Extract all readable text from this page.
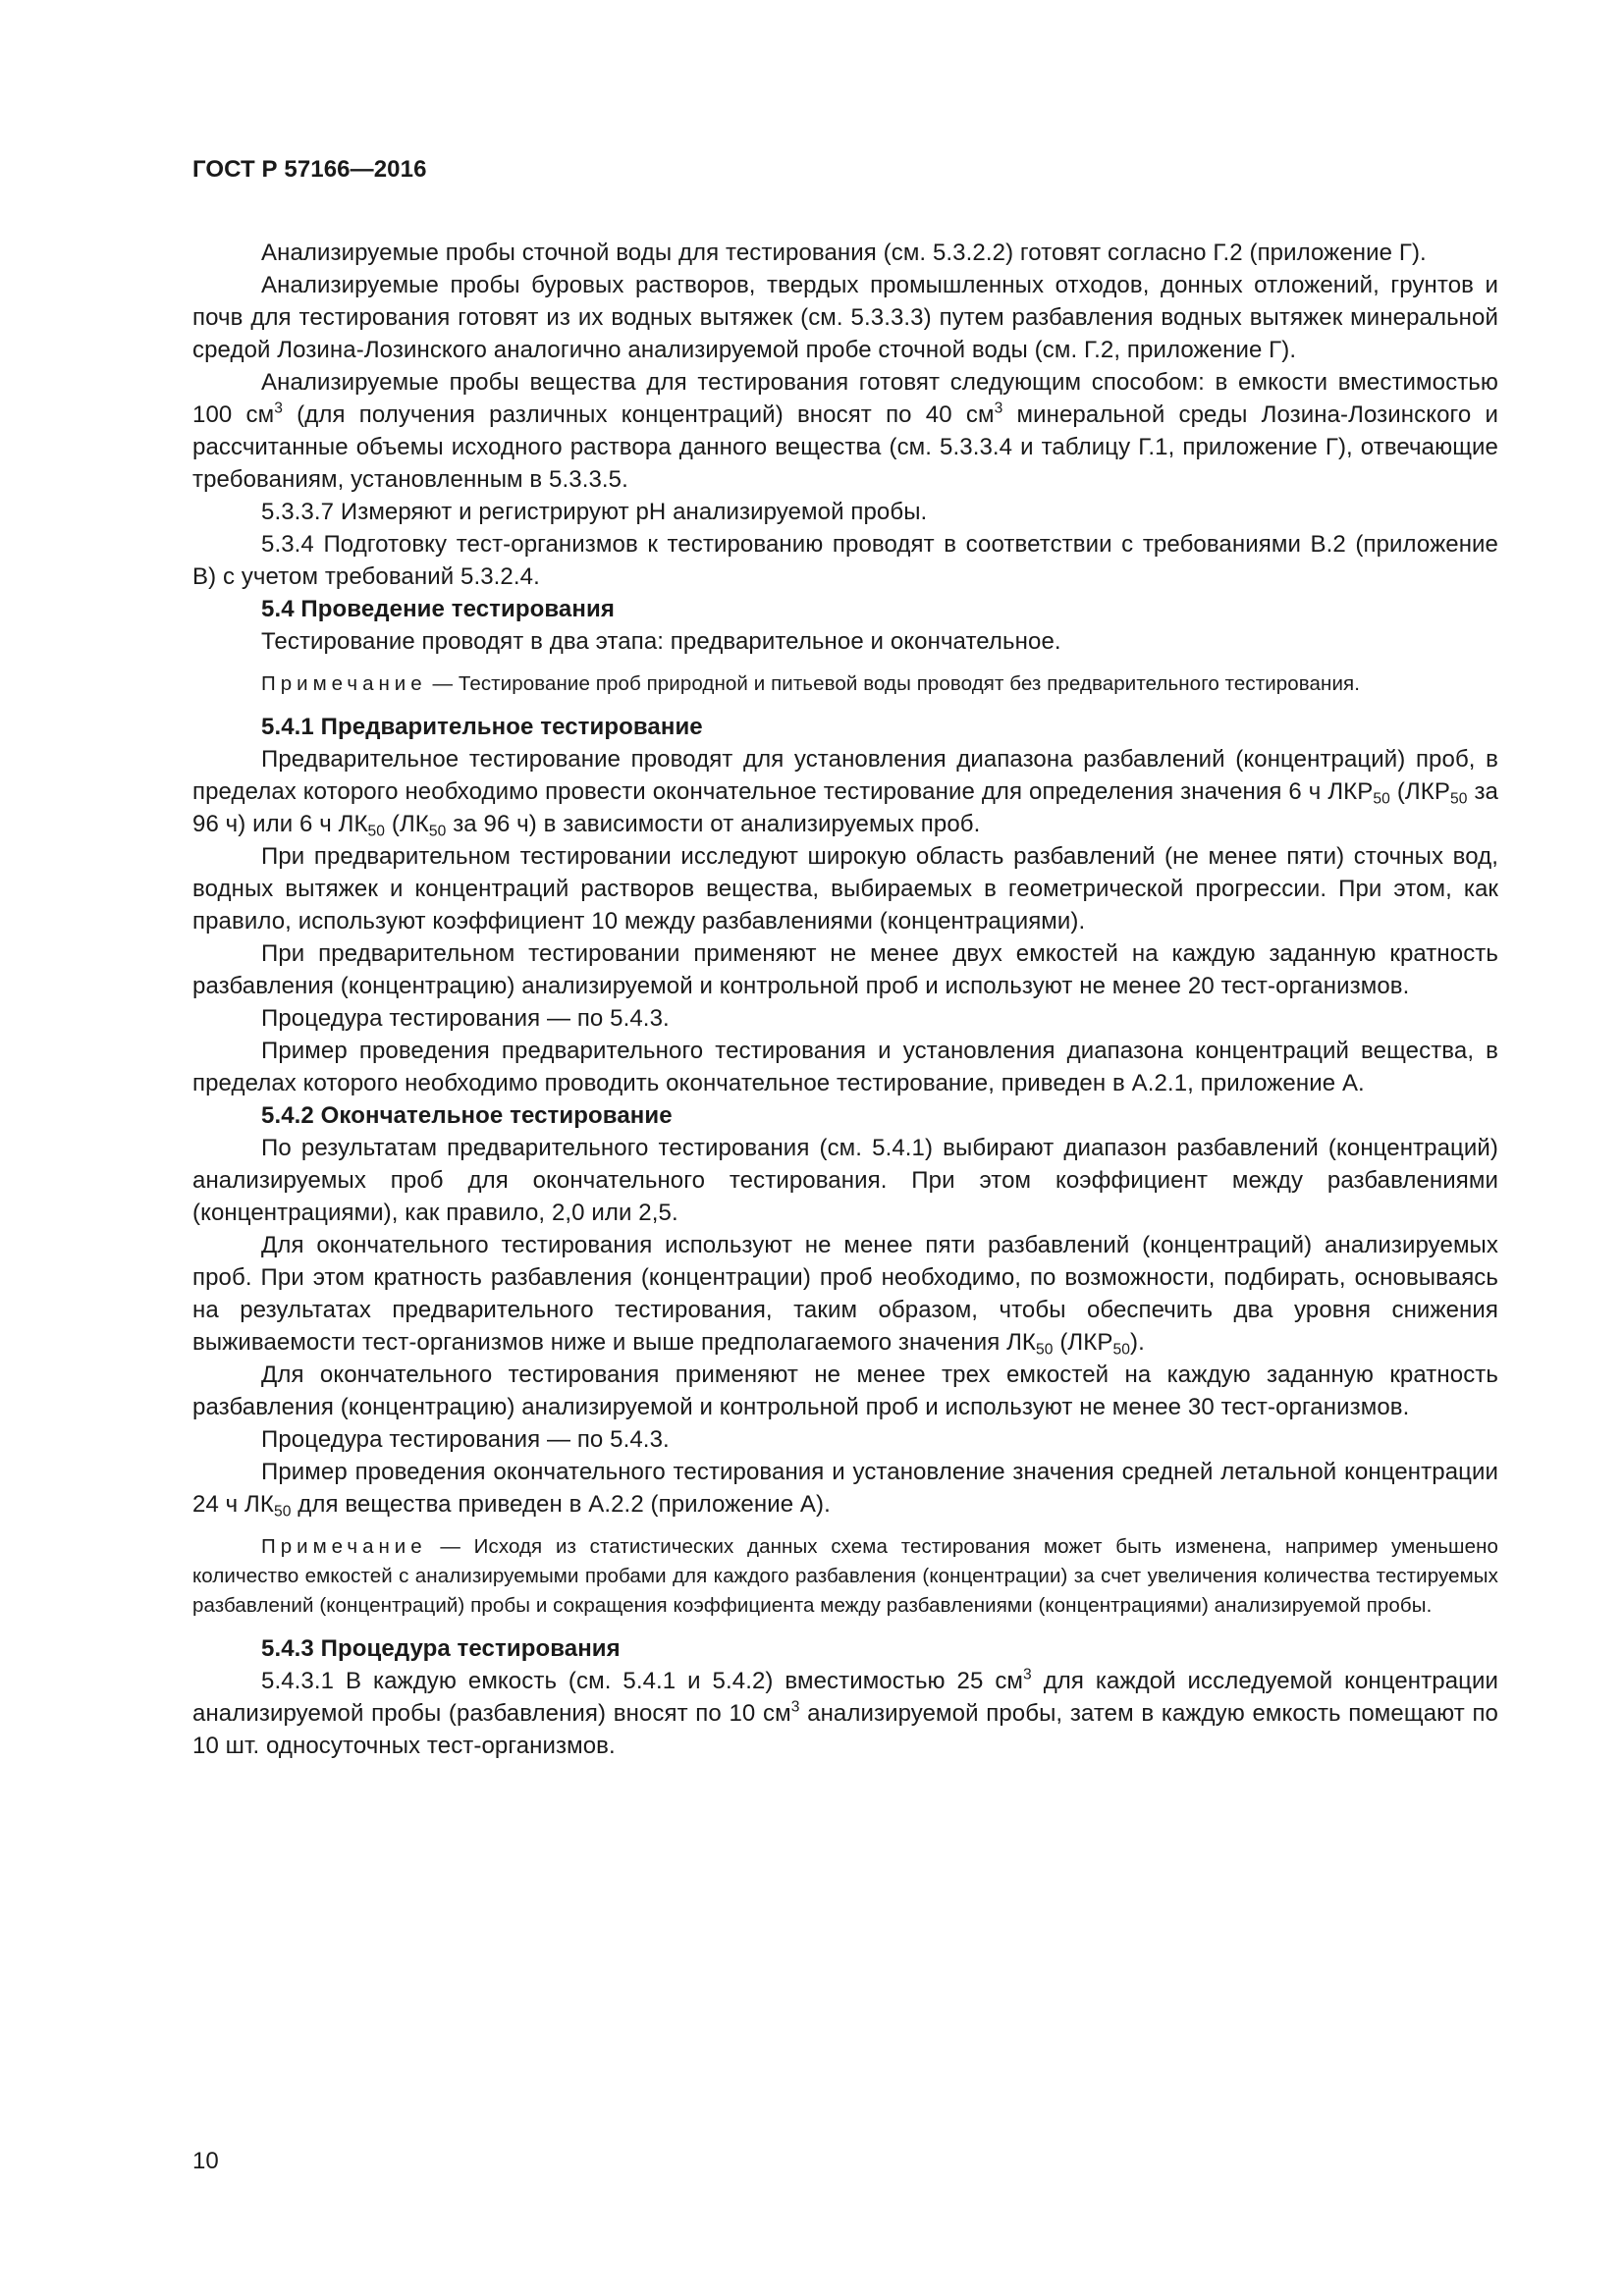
ГОСТ Р 57166—2016

Анализируемые пробы сточной воды для тестирования (см. 5.3.2.2) готовят согласно Г.2 (приложение Г).

Анализируемые пробы буровых растворов, твердых промышленных отходов, донных отложений, грунтов и почв для тестирования готовят из их водных вытяжек (см. 5.3.3.3) путем разбавления водных вытяжек минеральной средой Лозина-Лозинского аналогично анализируемой пробе сточной воды (см. Г.2, приложение Г).

Анализируемые пробы вещества для тестирования готовят следующим способом: в емкости вместимостью 100 $см^3$ (для получения различных концентраций) вносят по 40 $см^3$ минеральной среды Лозина-Лозинского и рассчитанные объемы исходного раствора данного вещества (см. 5.3.3.4 и таблицу Г.1, приложение Г), отвечающие требованиям, установленным в 5.3.3.5.

5.3.3.7 Измеряют и регистрируют pH анализируемой пробы.

5.3.4 Подготовку тест-организмов к тестированию проводят в соответствии с требованиями В.2 (приложение В) с учетом требований 5.3.2.4.

5.4 Проведение тестирования

Тестирование проводят в два этапа: предварительное и окончательное.

Примечание — Тестирование проб природной и питьевой воды проводят без предварительного тестирования.

5.4.1 Предварительное тестирование

Предварительное тестирование проводят для установления диапазона разбавлений (концентраций) проб, в пределах которого необходимо провести окончательное тестирование для определения значения 6 ч $ЛКР_{50}$ ($ЛКР_{50}$ за 96 ч) или 6 ч $ЛК_{50}$ ($ЛК_{50}$ за 96 ч) в зависимости от анализируемых проб.

При предварительном тестировании исследуют широкую область разбавлений (не менее пяти) сточных вод, водных вытяжек и концентраций растворов вещества, выбираемых в геометрической прогрессии. При этом, как правило, используют коэффициент 10 между разбавлениями (концентрациями).

При предварительном тестировании применяют не менее двух емкостей на каждую заданную кратность разбавления (концентрацию) анализируемой и контрольной проб и используют не менее 20 тест-организмов.

Процедура тестирования — по 5.4.3.

Пример проведения предварительного тестирования и установления диапазона концентраций вещества, в пределах которого необходимо проводить окончательное тестирование, приведен в А.2.1, приложение А.

5.4.2 Окончательное тестирование

По результатам предварительного тестирования (см. 5.4.1) выбирают диапазон разбавлений (концентраций) анализируемых проб для окончательного тестирования. При этом коэффициент между разбавлениями (концентрациями), как правило, 2,0 или 2,5.

Для окончательного тестирования используют не менее пяти разбавлений (концентраций) анализируемых проб. При этом кратность разбавления (концентрации) проб необходимо, по возможности, подбирать, основываясь на результатах предварительного тестирования, таким образом, чтобы обеспечить два уровня снижения выживаемости тест-организмов ниже и выше предполагаемого значения $ЛК_{50}$ $(ЛКР_{50})$.

Для окончательного тестирования применяют не менее трех емкостей на каждую заданную кратность разбавления (концентрацию) анализируемой и контрольной проб и используют не менее 30 тест-организмов.

Процедура тестирования — по 5.4.3.

Пример проведения окончательного тестирования и установление значения средней летальной концентрации 24 ч $ЛК_{50}$ для вещества приведен в А.2.2 (приложение А).

Примечание — Исходя из статистических данных схема тестирования может быть изменена, например уменьшено количество емкостей с анализируемыми пробами для каждого разбавления (концентрации) за счет увеличения количества тестируемых разбавлений (концентраций) пробы и сокращения коэффициента между разбавлениями (концентрациями) анализируемой пробы.

5.4.3 Процедура тестирования

5.4.3.1 В каждую емкость (см. 5.4.1 и 5.4.2) вместимостью 25 $см^3$ для каждой исследуемой концентрации анализируемой пробы (разбавления) вносят по 10 $см^3$ анализируемой пробы, затем в каждую емкость помещают по 10 шт. односуточных тест-организмов.

10
